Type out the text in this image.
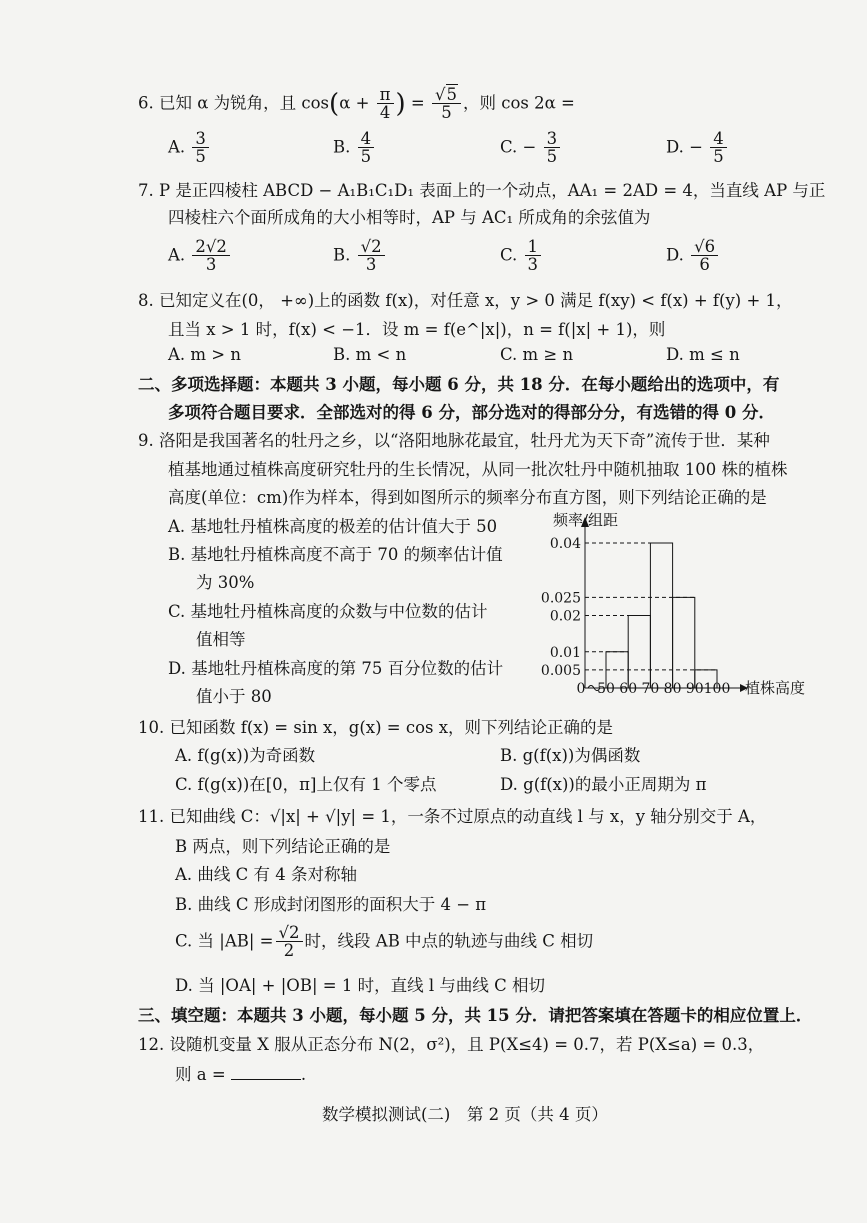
6. 已知 α 为锐角，且 $\cos(\alpha + \frac{\pi}{4}$ ) = $\frac{√5}{5}$ ，则 cos 2α =
A. $\frac{3}{5}$	B. $\frac{4}{5}$	C. − $\frac{3}{5}$	D. − $\frac{4}{5}$
7. P 是正四棱柱 ABCD − A₁B₁C₁D₁ 表面上的一个动点，AA₁ = 2AD = 4，当直线 AP 与正
四棱柱六个面所成角的大小相等时，AP 与 AC₁ 所成角的余弦值为
A. $\frac{2√2}{3}$	B. $\frac{√2}{3}$	C. $\frac{1}{3}$	D. $\frac{√6}{6}$
8. 已知定义在(0， +∞)上的函数 f(x)，对任意 x，y > 0 满足 f(xy) < f(x) + f(y) + 1，
且当 x > 1 时，f(x) < −1．设 m = f(e^|x|)，n = f(|x| + 1)，则
A. m > n	B. m < n	C. m ≥ n	D. m ≤ n
二、多项选择题：本题共 3 小题，每小题 6 分，共 18 分．在每小题给出的选项中，有
多项符合题目要求．全部选对的得 6 分，部分选对的得部分分，有选错的得 0 分．
9. 洛阳是我国著名的牡丹之乡，以“洛阳地脉花最宜，牡丹尤为天下奇”流传于世．某种
植基地通过植株高度研究牡丹的生长情况，从同一批次牡丹中随机抽取 100 株的植株
高度(单位：cm)作为样本，得到如图所示的频率分布直方图，则下列结论正确的是
A. 基地牡丹植株高度的极差的估计值大于 50
B. 基地牡丹植株高度不高于 70 的频率估计值
为 30%
C. 基地牡丹植株高度的众数与中位数的估计
值相等
D. 基地牡丹植株高度的第 75 百分位数的估计
值小于 80
0.04
0.025
0.02
0.01
0.005
0 50 60 70 80 90 100
频率/组距
植株高度
10. 已知函数 f(x) = sin x，g(x) = cos x，则下列结论正确的是
A. f(g(x))为奇函数	B. g(f(x))为偶函数
C. f(g(x))在[0，π]上仅有 1 个零点	D. g(f(x))的最小正周期为 π
11. 已知曲线 C：√|x| + √|y| = 1，一条不过原点的动直线 l 与 x，y 轴分别交于 A，
B 两点，则下列结论正确的是
A. 曲线 C 有 4 条对称轴
B. 曲线 C 形成封闭图形的面积大于 4 − π
C. 当 $|AB| = \frac{√2}{2}$ 时，线段 AB 中点的轨迹与曲线 C 相切
D. 当 |OA| + |OB| = 1 时，直线 l 与曲线 C 相切
三、填空题：本题共 3 小题，每小题 5 分，共 15 分．请把答案填在答题卡的相应位置上．
12. 设随机变量 X 服从正态分布 N(2，σ²)，且 P(X≤4) = 0.7，若 P(X≤a) = 0.3，
则 a =	.
数学模拟测试(二)　第 2 页（共 4 页）
